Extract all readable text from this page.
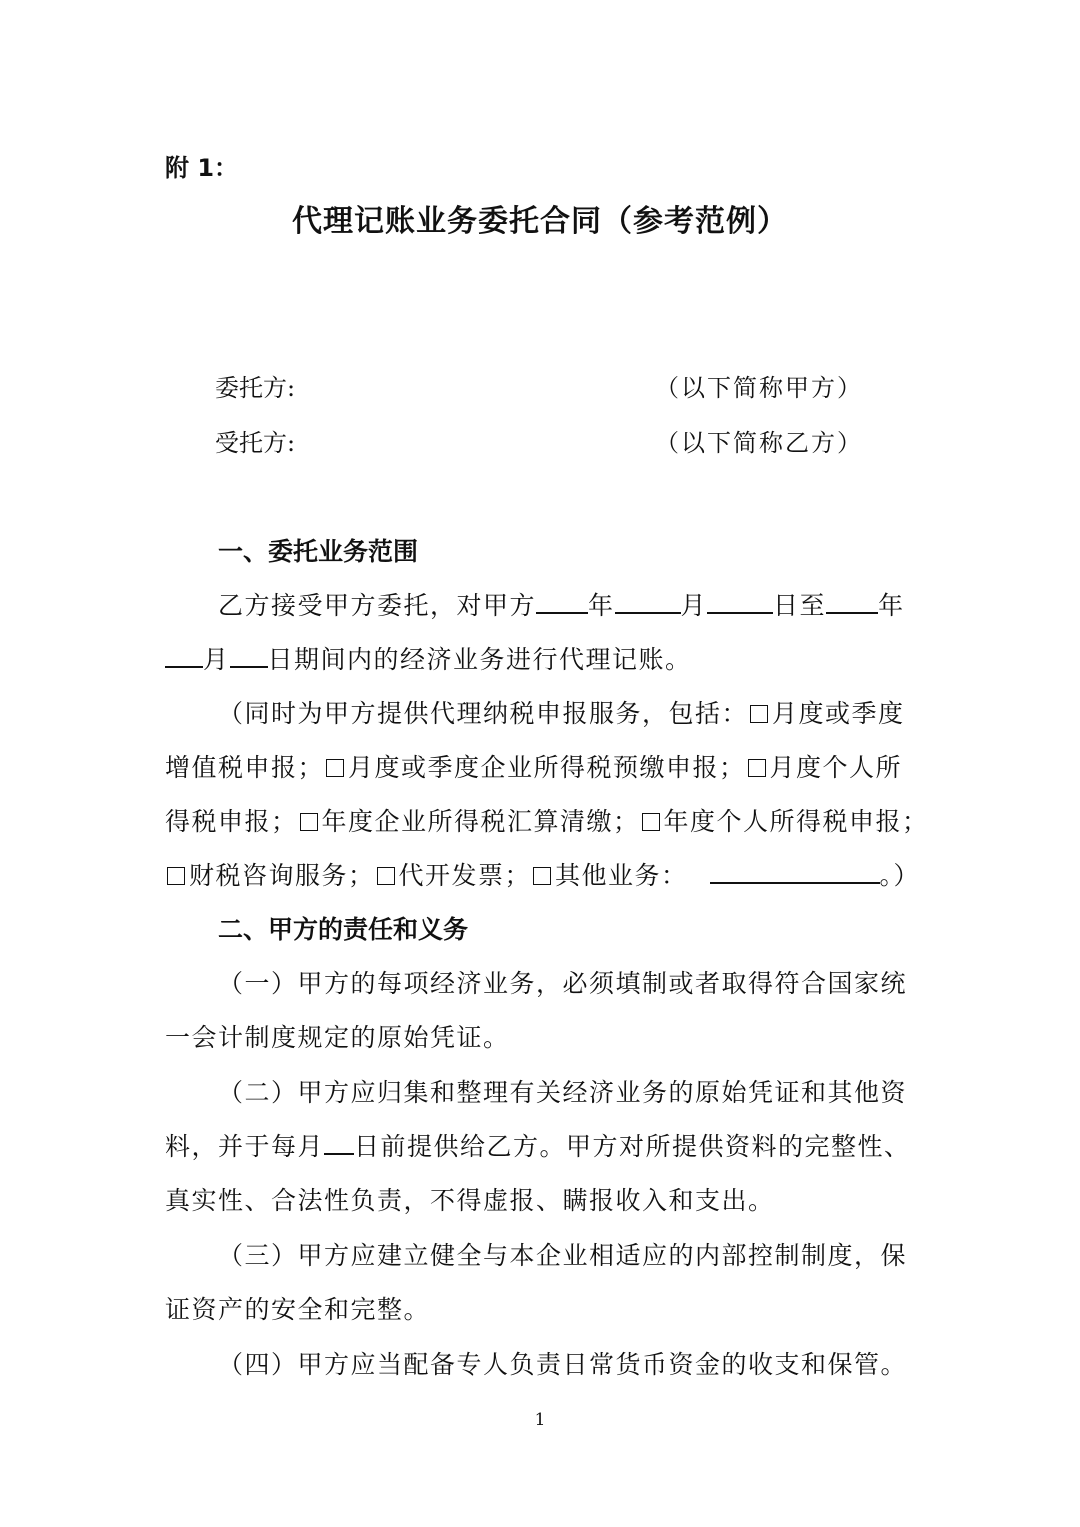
附 1：
代理记账业务委托合同（参考范例）
委托方:	（以下简称甲方）
受托方:	（以下简称乙方）
一、委托业务范围
乙方接受甲方委托，对甲方 年	月	日至 年
月 日期间内的经济业务进行代理记账。
（同时为甲方提供代理纳税申报服务，包括： 月度或季度
增值税申报； 月度或季度企业所得税预缴申报； 月度个人所
得税申报； 年度企业所得税汇算清缴； 年度个人所得税申报；
财税咨询服务； 代开发票； 其他业务：	。）
二、甲方的责任和义务
（一）甲方的每项经济业务，必须填制或者取得符合国家统
一会计制度规定的原始凭证。
（二）甲方应归集和整理有关经济业务的原始凭证和其他资
料，并于每月 日前提供给乙方。甲方对所提供资料的完整性、
真实性、合法性负责，不得虚报、瞒报收入和支出。
（三）甲方应建立健全与本企业相适应的内部控制制度，保
证资产的安全和完整。
（四）甲方应当配备专人负责日常货币资金的收支和保管。
1
